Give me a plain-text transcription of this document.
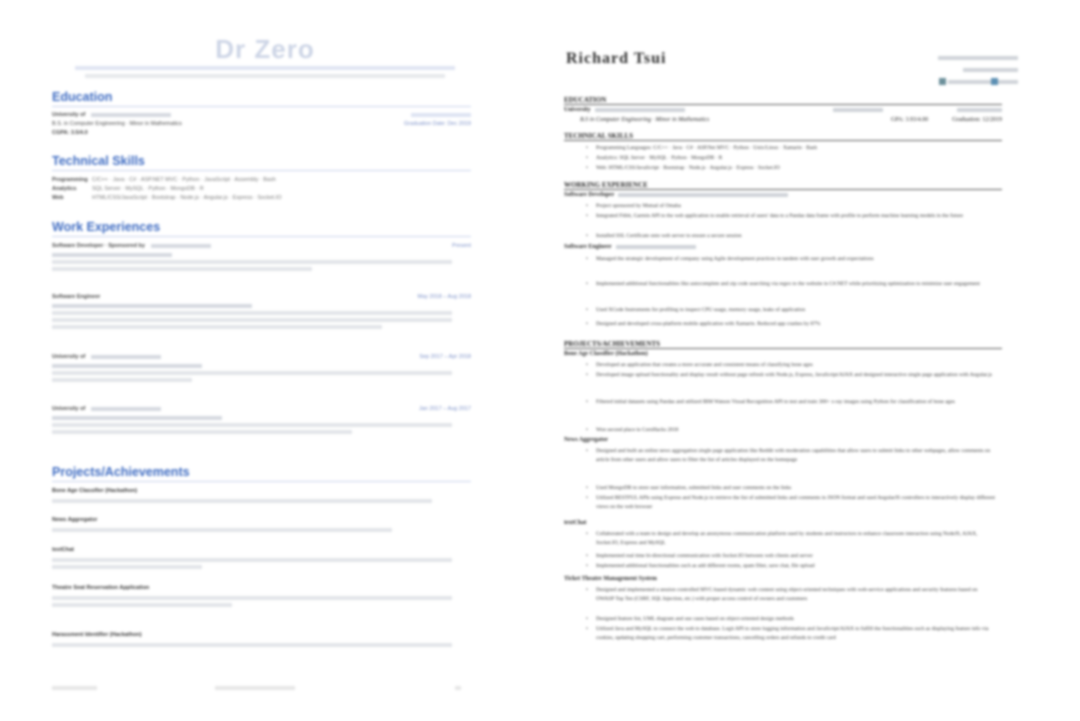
Dr Zero
Education
University of
B.S. in Computer Engineering · Minor in Mathematics	Graduation Date: Dec 2019
CGPA: 3.5/4.0
Technical Skills
Programming C/C++ · Java · C# · ASP.NET MVC · Python · JavaScript · Assembly · Bash
Analytics	SQL Server · MySQL · Python · MongoDB · R
Web	HTML/CSS/JavaScript · Bootstrap · Node.js · Angular.js · Express · Socket.IO
Work Experiences
Software Developer · Sponsored by	Present

Software Engineer	May 2018 – Aug 2018

University of	Sep 2017 – Apr 2018

University of	Jan 2017 – Aug 2017

Projects/Achievements
Bone Age Classifier (Hackathon)
News Aggregator
textChat

Theatre Seat Reservation Application

Harassment Identifier (Hackathon)
Richard Tsui
EDUCATION
University
B.S in Computer Engineering · Minor in Mathematics	GPA: 3.93/4.00	Graduation: 12/2019
TECHNICAL SKILLS
• Programming Languages: C/C++ · Java · C# · ASP.Net MVC · Python · Unix/Linux · Xamarin · Bash
• Analytics: SQL Server · MySQL · Python · MongoDB · R
• Web: HTML/CSS/JavaScript · Bootstrap · Node.js · Angular.js · Express · Socket.IO
WORKING EXPERIENCE
Software Developer
• Project sponsored by Mutual of Omaha
• Integrated Fitbit, Garmin API to the web application to enable retrieval of users' data to a Pandas data frame with profile to perform machine learning models in the future
• Installed SSL Certificate onto web server to ensure a secure session
Software Engineer
• Managed the strategic development of company using Agile development practices in tandem with user growth and expectations
• Implemented additional functionalities like autocomplete and zip code searching via regex to the website in C#.NET while prioritizing optimization to minimize user engagement
• Used XCode Instruments for profiling to inspect CPU usage, memory usage, leaks of application
• Designed and developed cross-platform mobile application with Xamarin. Reduced app crashes by 87%
PROJECTS/ACHIEVEMENTS
Bone Age Classifier (Hackathon)
• Developed an application that creates a more accurate and consistent means of classifying bone ages
• Developed image upload functionality and display result without page refresh with Node.js, Express, JavaScript/AJAX and designed interactive single page application with Angular.js
• Filtered initial datasets using Pandas and utilized IBM Watson Visual Recognition API to test and train 300+ x-ray images using Python for classification of bone ages
• Won second place in CornHacks 2018
News Aggregator
• Designed and built an online news aggregation single page application like Reddit with moderation capabilities that allow users to submit links to other webpages, allow comments on article from other users and allow users to filter the list of articles displayed on the homepage
• Used MongoDB to store user information, submitted links and user comments on the links
• Utilized RESTFUL APIs using Express and Node.js to retrieve the list of submitted links and comments in JSON format and used AngularJS controllers to interactively display different views on the web browser
textChat
• Collaborated with a team to design and develop an anonymous communication platform used by students and instructors to enhance classroom interaction using NodeJS, AJAX, Socket.IO, Express and MySQL
• Implemented real time bi-directional communication with Socket.IO between web clients and server
• Implemented additional functionalities such as add different rooms, spam filter, save chat, file upload
Ticket Theatre Management System
• Designed and implemented a session controlled MVC-based dynamic web content using object-oriented techniques with web-service applications and security features based on OWASP Top Ten (CSRF, SQL Injection, etc.) with proper access control of owners and customers
• Designed feature list, UML diagram and use cases based on object-oriented design methods
• Utilized Java and MySQL to connect the web to database. Logit API to store logging information and JavaScript/AJAX to fulfill the functionalities such as displaying feature info via cookies, updating shopping cart, performing customer transactions, cancelling orders and refunds to credit card
